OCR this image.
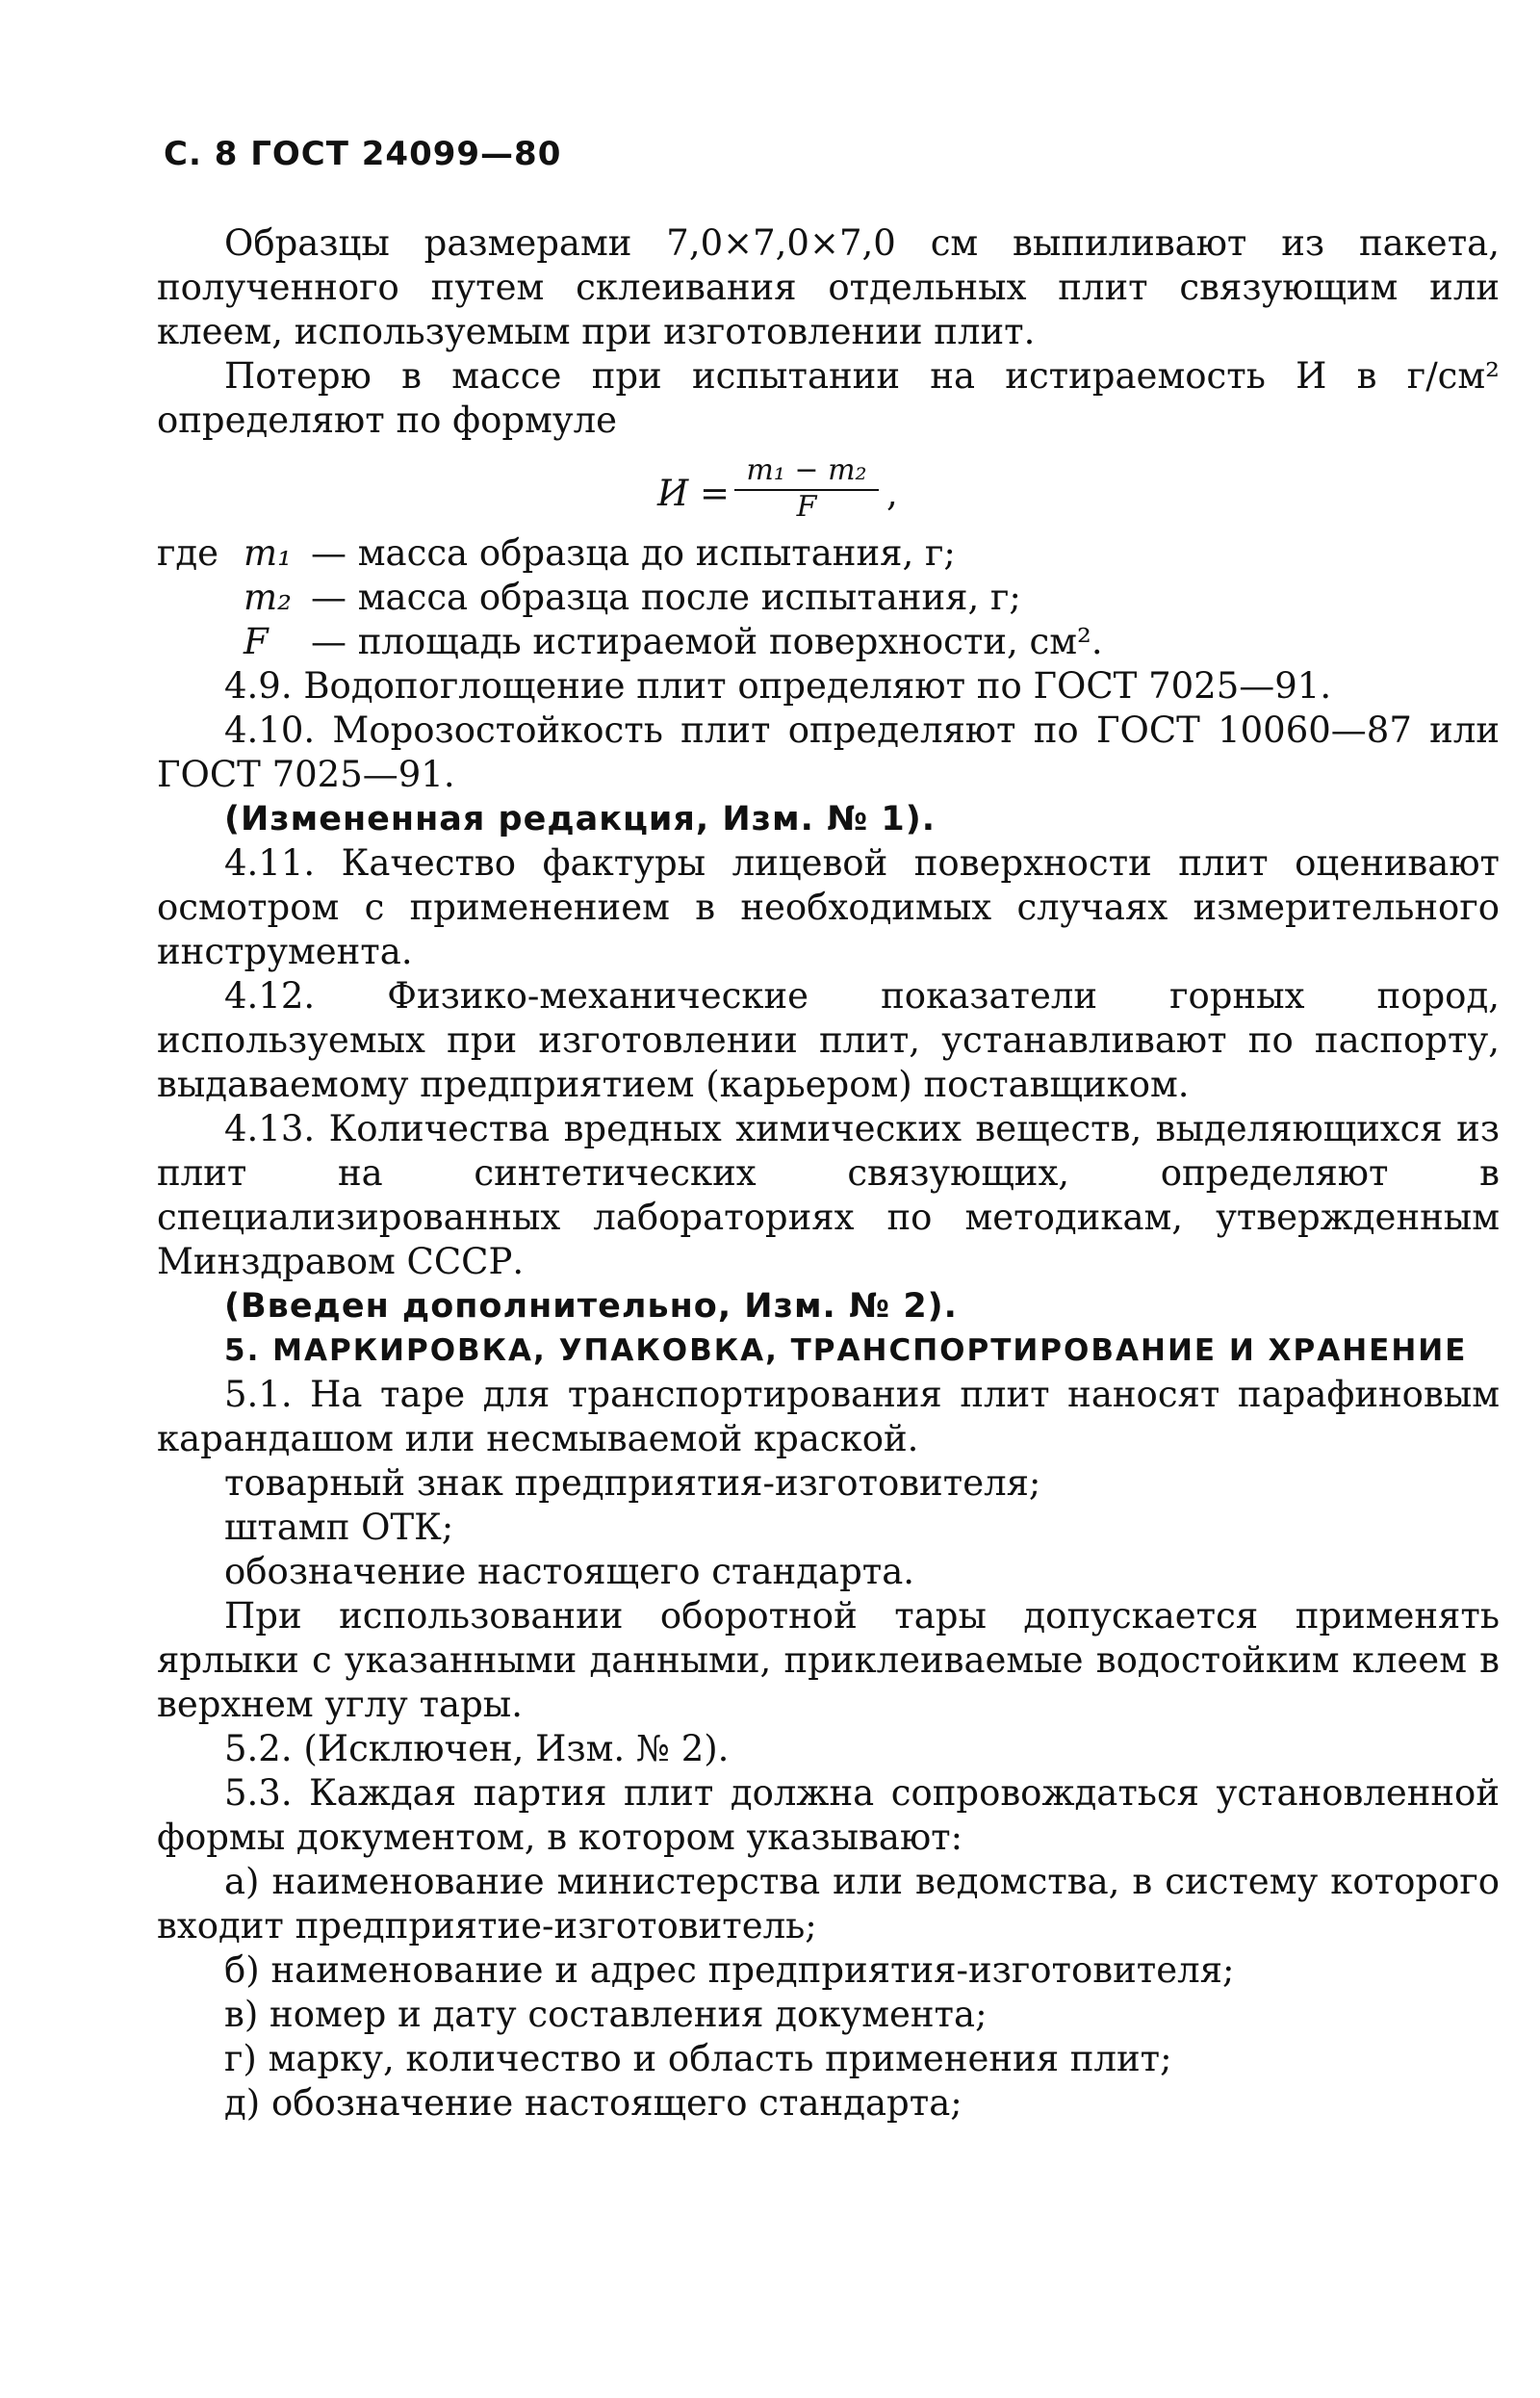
С. 8 ГОСТ 24099—80

Образцы размерами 7,0×7,0×7,0 см выпиливают из пакета, полученного путем склеивания отдельных плит связующим или клеем, используемым при изготовлении плит.

Потерю в массе при испытании на истираемость И в г/см² определяют по формуле

$И = \frac{\text{m₁ − m₂}}{F}$ ,
где m₁ — масса образца до испытания, г;
m₂ — масса образца после испытания, г;
F	— площадь истираемой поверхности, см².

4.9. Водопоглощение плит определяют по ГОСТ 7025—91.

4.10. Морозостойкость плит определяют по ГОСТ 10060—87 или ГОСТ 7025—91.

(Измененная редакция, Изм. № 1).

4.11. Качество фактуры лицевой поверхности плит оценивают осмотром с применением в необходимых случаях измерительного инструмента.

4.12. Физико-механические показатели горных пород, используемых при изготовлении плит, устанавливают по паспорту, выдаваемому предприятием (карьером) поставщиком.

4.13. Количества вредных химических веществ, выделяющихся из плит на синтетических связующих, определяют в специализированных лабораториях по методикам, утвержденным Минздравом СССР.

(Введен дополнительно, Изм. № 2).

5. МАРКИРОВКА, УПАКОВКА, ТРАНСПОРТИРОВАНИЕ И ХРАНЕНИЕ

5.1. На таре для транспортирования плит наносят парафиновым карандашом или несмываемой краской.

товарный знак предприятия-изготовителя;

штамп ОТК;

обозначение настоящего стандарта.

При использовании оборотной тары допускается применять ярлыки с указанными данными, приклеиваемые водостойким клеем в верхнем углу тары.

5.2. (Исключен, Изм. № 2).

5.3. Каждая партия плит должна сопровождаться установленной формы документом, в котором указывают:

а) наименование министерства или ведомства, в систему которого входит предприятие-изготовитель;

б) наименование и адрес предприятия-изготовителя;

в) номер и дату составления документа;

г) марку, количество и область применения плит;

д) обозначение настоящего стандарта;
